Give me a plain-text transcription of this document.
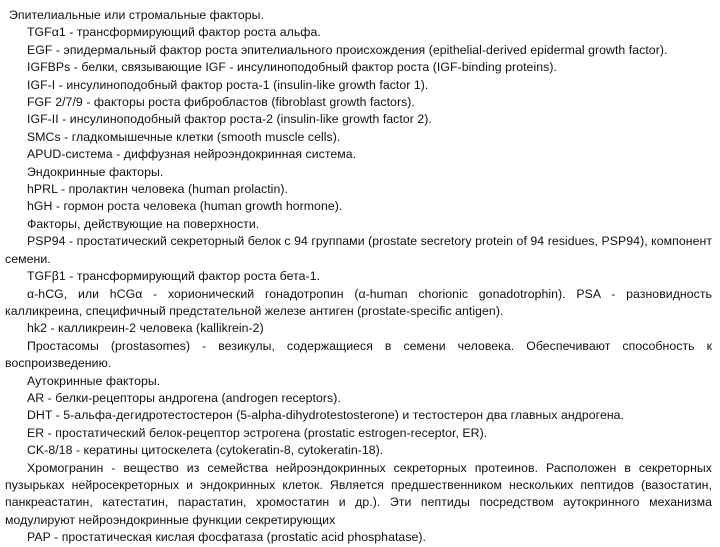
Эпителиальные или стромальные факторы.

TGFα1 - трансформирующий фактор роста альфа.

EGF - эпидермальный фактор роста эпителиального происхождения (epithelial-derived epidermal growth factor).

IGFBPs - белки, связывающие IGF - инсулиноподобный фактор роста (IGF-binding proteins).

IGF-I - инсулиноподобный фактор роста-1 (insulin-like growth factor 1).

FGF 2/7/9 - факторы роста фибробластов (fibroblast growth factors).

IGF-II - инсулиноподобный фактор роста-2 (insulin-like growth factor 2).

SMCs - гладкомышечные клетки (smooth muscle cells).

APUD-система - диффузная нейроэндокринная система.

Эндокринные факторы.

hPRL - пролактин человека (human prolactin).

hGH - гормон роста человека (human growth hormone).

Факторы, действующие на поверхности.

PSP94 - простатический секреторный белок с 94 группами (prostate secretory protein of 94 residues, PSP94), компонент семени.

TGFβ1 - трансформирующий фактор роста бета-1.

α-hCG, или hCGα - хорионический гонадотропин (α-human chorionic gonadotrophin). PSA - разновидность калликреина, специфичный предстательной железе антиген (prostate-specific antigen).

hk2 - калликреин-2 человека (kallikrein-2)

Простасомы (prostasomes) - везикулы, содержащиеся в семени человека. Обеспечивают способность к воспроизведению.

Аутокринные факторы.

AR - белки-рецепторы андрогена (androgen receptors).

DHT - 5-альфа-дегидротестостерон (5-alpha-dihydrotestosterone) и тестостерон два главных андрогена.

ER - простатический белок-рецептор эстрогена (prostatic estrogen-receptor, ER).

CK-8/18 - кератины цитоскелета (cytokeratin-8, cytokeratin-18).

Хромогранин - вещество из семейства нейроэндокринных секреторных протеинов. Расположен в секреторных пузырьках нейросекреторных и эндокринных клеток. Является предшественником нескольких пептидов (вазостатин, панкреастатин, катестатин, парастатин, хромостатин и др.). Эти пептиды посредством аутокринного механизма модулируют нейроэндокринные функции секретирующих

PAP - простатическая кислая фосфатаза (prostatic acid phosphatase).
